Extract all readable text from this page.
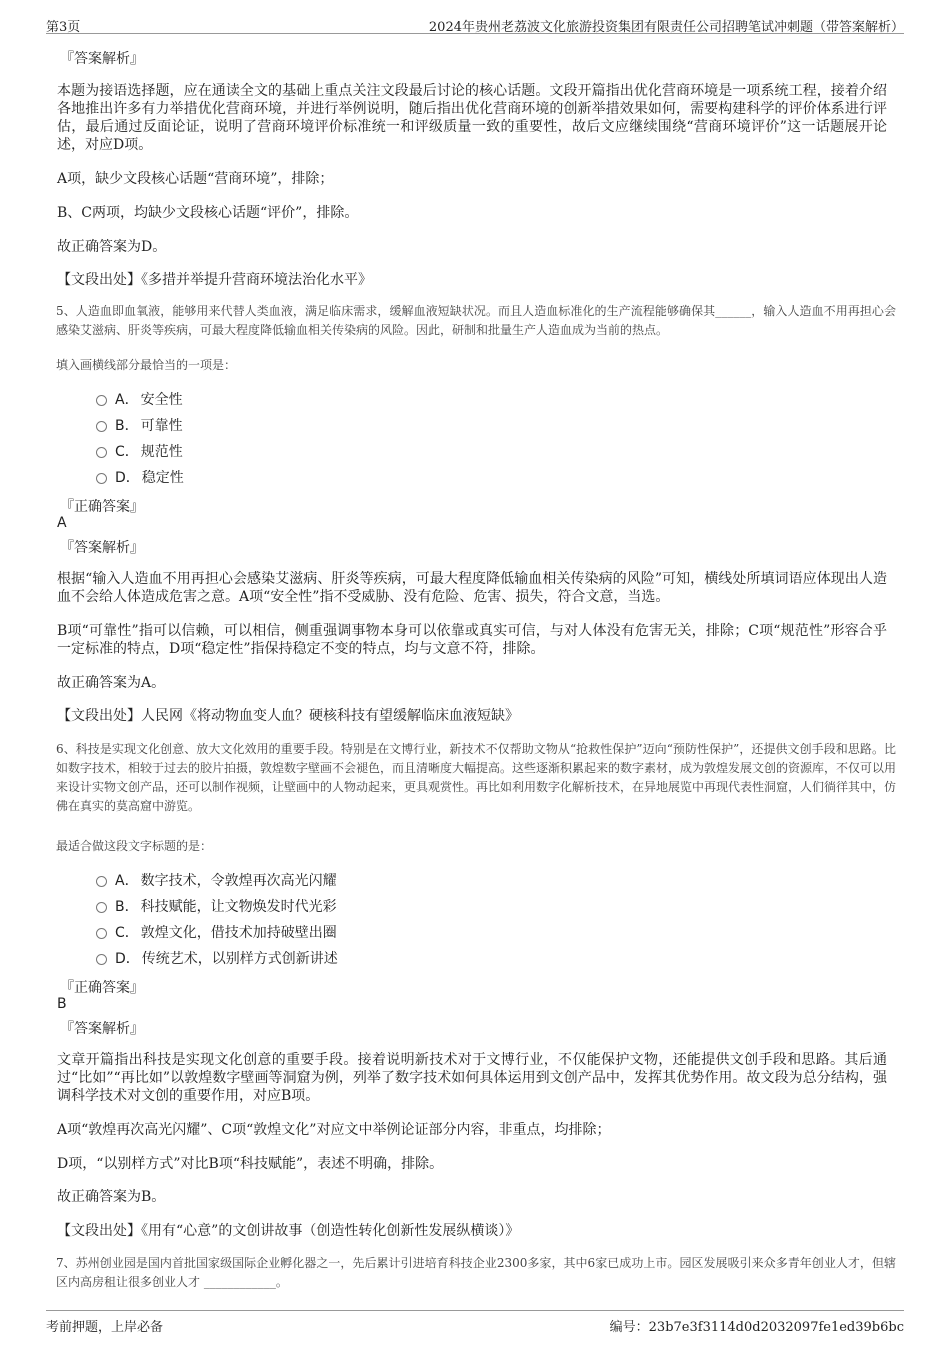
第3页	2024年贵州老荔波文化旅游投资集团有限责任公司招聘笔试冲刺题（带答案解析）
『答案解析』
本题为接语选择题，应在通读全文的基础上重点关注文段最后讨论的核心话题。文段开篇指出优化营商环境是一项系统工程，接着介绍各地推出许多有力举措优化营商环境，并进行举例说明，随后指出优化营商环境的创新举措效果如何，需要构建科学的评价体系进行评估，最后通过反面论证，说明了营商环境评价标准统一和评级质量一致的重要性，故后文应继续围绕“营商环境评价”这一话题展开论述，对应D项。
A项，缺少文段核心话题“营商环境”，排除；
B、C两项，均缺少文段核心话题“评价”，排除。
故正确答案为D。
【文段出处】《多措并举提升营商环境法治化水平》
5、人造血即血氧液，能够用来代替人类血液，满足临床需求，缓解血液短缺状况。而且人造血标准化的生产流程能够确保其______，输入人造血不用再担心会感染艾滋病、肝炎等疾病，可最大程度降低输血相关传染病的风险。因此，研制和批量生产人造血成为当前的热点。
填入画横线部分最恰当的一项是：
A． 安全性
B． 可靠性
C． 规范性
D． 稳定性
『正确答案』
A
『答案解析』
根据“输入人造血不用再担心会感染艾滋病、肝炎等疾病，可最大程度降低输血相关传染病的风险”可知，横线处所填词语应体现出人造血不会给人体造成危害之意。A项“安全性”指不受威胁、没有危险、危害、损失，符合文意，当选。
B项“可靠性”指可以信赖，可以相信，侧重强调事物本身可以依靠或真实可信，与对人体没有危害无关，排除；C项“规范性”形容合乎一定标准的特点，D项“稳定性”指保持稳定不变的特点，均与文意不符，排除。
故正确答案为A。
【文段出处】人民网《将动物血变人血？硬核科技有望缓解临床血液短缺》
6、科技是实现文化创意、放大文化效用的重要手段。特别是在文博行业，新技术不仅帮助文物从“抢救性保护”迈向“预防性保护”，还提供文创手段和思路。比如数字技术，相较于过去的胶片拍摄，敦煌数字壁画不会褪色，而且清晰度大幅提高。这些逐渐积累起来的数字素材，成为敦煌发展文创的资源库，不仅可以用来设计实物文创产品，还可以制作视频，让壁画中的人物动起来，更具观赏性。再比如利用数字化解析技术，在异地展览中再现代表性洞窟，人们徜徉其中，仿佛在真实的莫高窟中游览。
最适合做这段文字标题的是：
A． 数字技术，令敦煌再次高光闪耀
B． 科技赋能，让文物焕发时代光彩
C． 敦煌文化，借技术加持破壁出圈
D． 传统艺术，以别样方式创新讲述
『正确答案』
B
『答案解析』
文章开篇指出科技是实现文化创意的重要手段。接着说明新技术对于文博行业，不仅能保护文物，还能提供文创手段和思路。其后通过“比如”“再比如”以敦煌数字壁画等洞窟为例，列举了数字技术如何具体运用到文创产品中，发挥其优势作用。故文段为总分结构，强调科学技术对文创的重要作用，对应B项。
A项“敦煌再次高光闪耀”、C项“敦煌文化”对应文中举例论证部分内容，非重点，均排除；
D项，“以别样方式”对比B项“科技赋能”，表述不明确，排除。
故正确答案为B。
【文段出处】《用有“心意”的文创讲故事（创造性转化创新性发展纵横谈）》
7、苏州创业园是国内首批国家级国际企业孵化器之一，先后累计引进培育科技企业2300多家，其中6家已成功上市。园区发展吸引来众多青年创业人才，但辖区内高房租让很多创业人才 ____________。
考前押题，上岸必备	编号：23b7e3f3114d0d2032097fe1ed39b6bc
